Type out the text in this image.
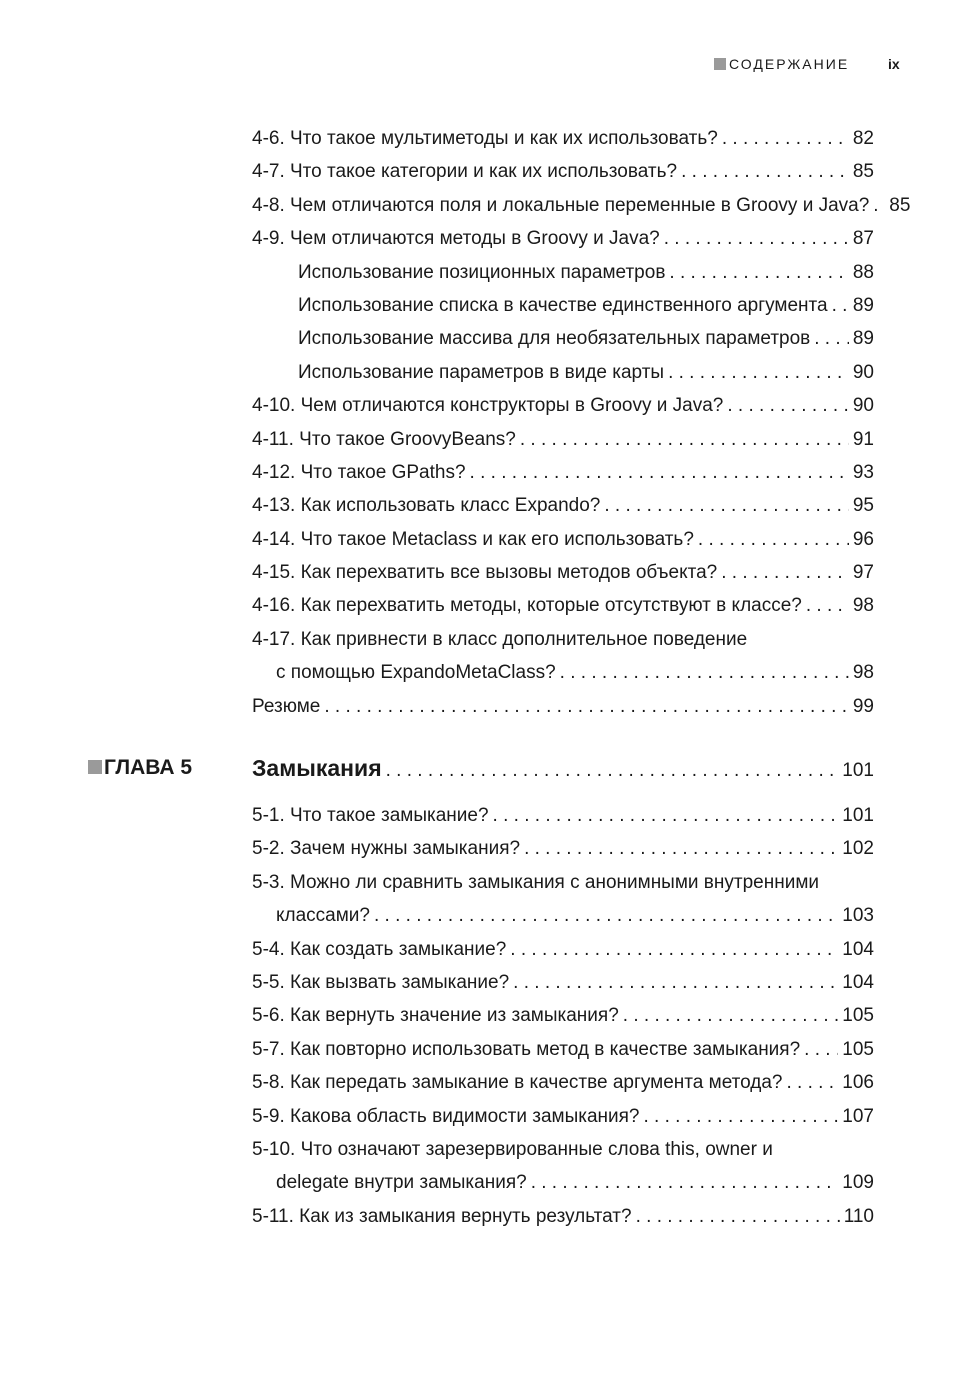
СОДЕРЖАНИЕ	ix
4-6. Что такое мультиметоды и как их использовать? . . .	82
4-7. Что такое категории и как их использовать? . . .	85
4-8. Чем отличаются поля и локальные переменные в Groovy и Java? . . . 85
4-9. Чем отличаются методы в Groovy и Java? . . .	87
Использование позиционных параметров . . .	88
Использование списка в качестве единственного аргумента . . . 89
Использование массива для необязательных параметров . . . 89
Использование параметров в виде карты . . .	90
4-10. Чем отличаются конструкторы в Groovy и Java? . . .	90
4-11. Что такое GroovyBeans? . . .	91
4-12. Что такое GPaths? . . .	93
4-13. Как использовать класс Expando? . . .	95
4-14. Что такое Metaclass и как его использовать? . . .	96
4-15. Как перехватить все вызовы методов объекта? . . .	97
4-16. Как перехватить методы, которые отсутствуют в классе? . . .	98
4-17. Как привнести в класс дополнительное поведение
с помощью ExpandoMetaClass? . . .	98
Резюме . . .	99
ГЛАВА 5	Замыкания . . .	101
5-1. Что такое замыкание? . . .	101
5-2. Зачем нужны замыкания? . . .	102
5-3. Можно ли сравнить замыкания с анонимными внутренними
классами? . . .	103
5-4. Как создать замыкание? . . .	104
5-5. Как вызвать замыкание? . . .	104
5-6. Как вернуть значение из замыкания? . . .	105
5-7. Как повторно использовать метод в качестве замыкания? . . . 105
5-8. Как передать замыкание в качестве аргумента метода? . . .	106
5-9. Какова область видимости замыкания? . . .	107
5-10. Что означают зарезервированные слова this, owner и
delegate внутри замыкания? . . .	109
5-11. Как из замыкания вернуть результат? . . .	110
